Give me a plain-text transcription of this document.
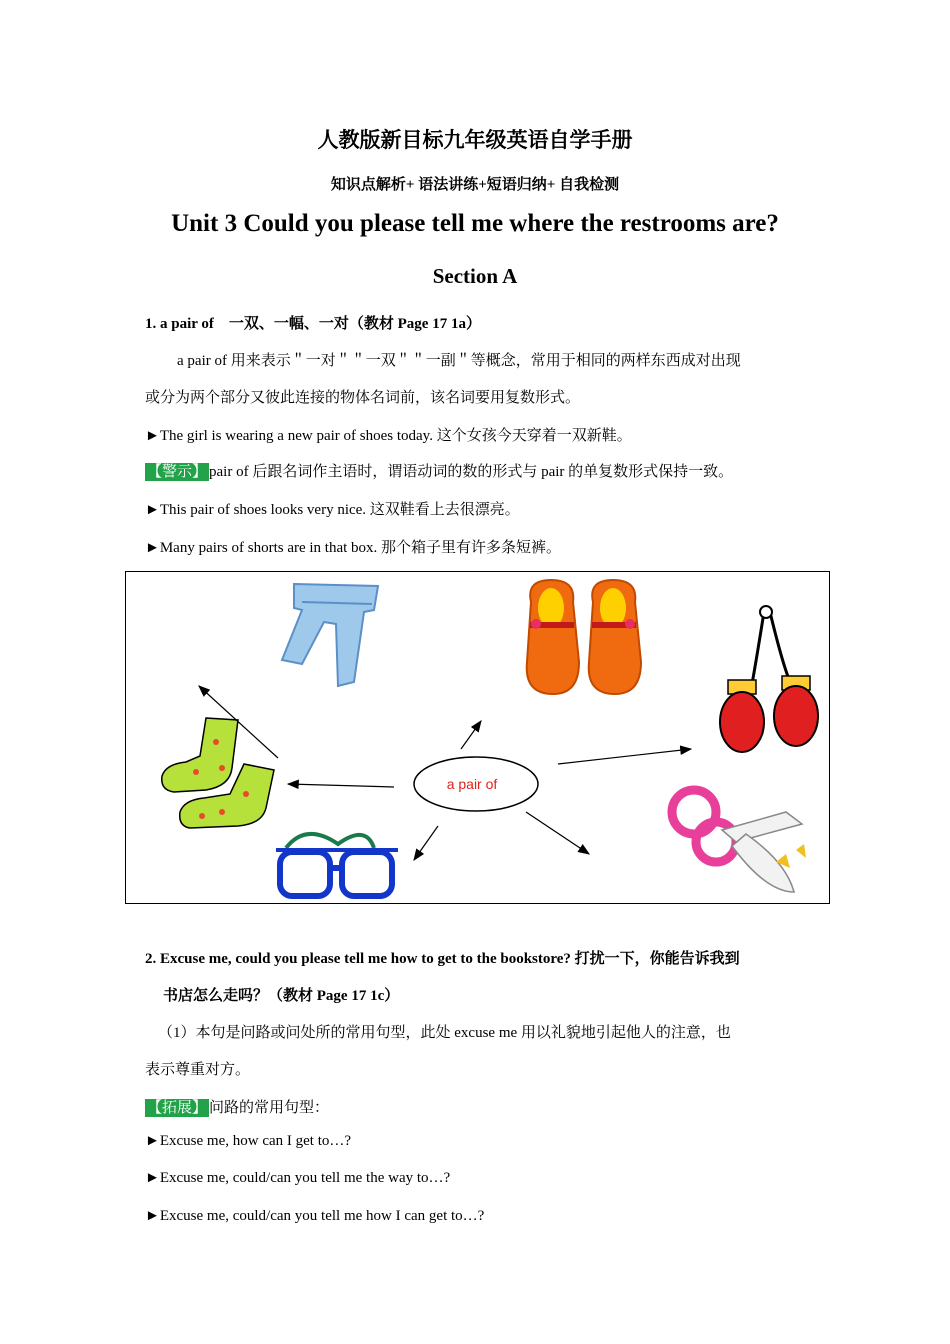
人教版新目标九年级英语自学手册
知识点解析+ 语法讲练+短语归纳+ 自我检测
Unit 3 Could you please tell me where the restrooms are?
Section A
1. a pair of　一双、一幅、一对（教材 Page 17 1a）
a pair of 用来表示＂一对＂＂一双＂＂一副＂等概念，常用于相同的两样东西成对出现
或分为两个部分又彼此连接的物体名词前，该名词要用复数形式。
►The girl is wearing a new pair of shoes today. 这个女孩今天穿着一双新鞋。
【警示】 pair of 后跟名词作主语时，谓语动词的数的形式与 pair 的单复数形式保持一致。
►This pair of shoes looks very nice. 这双鞋看上去很漂亮。
►Many pairs of shorts are in that box. 那个箱子里有许多条短裤。
a pair of
2. Excuse me, could you please tell me how to get to the bookstore? 打扰一下，你能告诉我到
书店怎么走吗？（教材 Page 17 1c）
（1）本句是问路或问处所的常用句型，此处 excuse me 用以礼貌地引起他人的注意，也
表示尊重对方。
【拓展】 问路的常用句型：
►Excuse me, how can I get to…?
►Excuse me, could/can you tell me the way to…?
►Excuse me, could/can you tell me how I can get to…?
